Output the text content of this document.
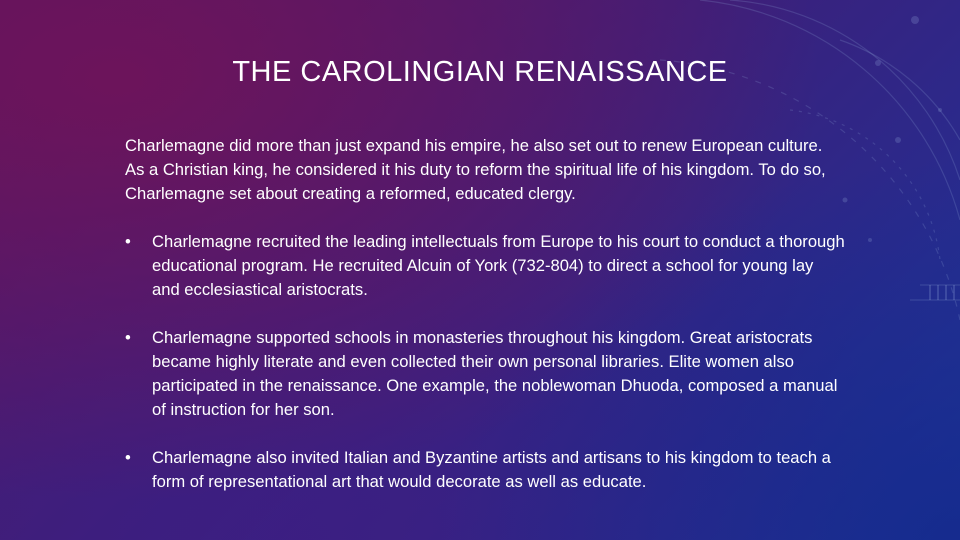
THE CAROLINGIAN RENAISSANCE

Charlemagne did more than just expand his empire, he also set out to renew European culture. As a Christian king, he considered it his duty to reform the spiritual life of his kingdom. To do so, Charlemagne set about creating a reformed, educated clergy.

• Charlemagne recruited the leading intellectuals from Europe to his court to conduct a thorough educational program. He recruited Alcuin of York (732-804) to direct a school for young lay and ecclesiastical aristocrats.
• Charlemagne supported schools in monasteries throughout his kingdom. Great aristocrats became highly literate and even collected their own personal libraries. Elite women also participated in the renaissance. One example, the noblewoman Dhuoda, composed a manual of instruction for her son.
• Charlemagne also invited Italian and Byzantine artists and artisans to his kingdom to teach a form of representational art that would decorate as well as educate.
